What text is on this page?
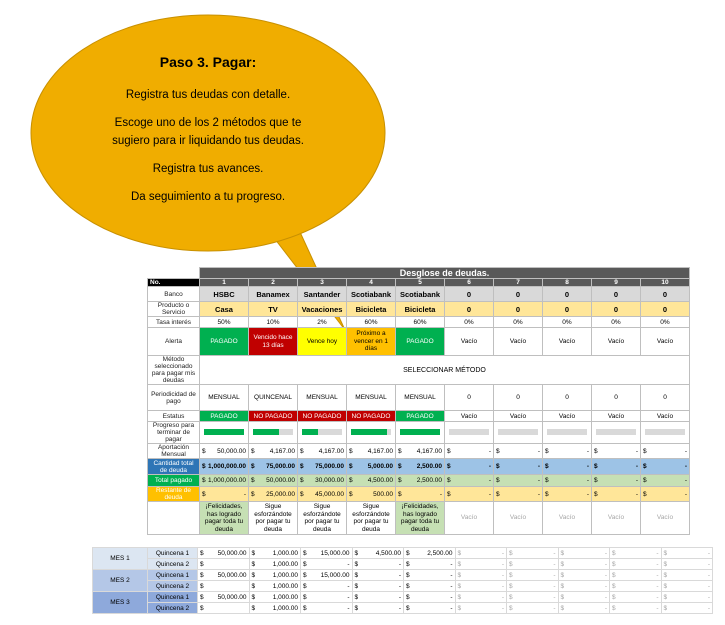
Paso 3. Pagar:
Registra tus deudas con detalle.
Escoge uno de los 2 métodos que te
sugiero para ir liquidando tus deudas.
Registra tus avances.
Da seguimiento a tu progreso.
	Desglose de deudas.									
No.	1	2	3	4	5	6	7	8	9	10
Banco	HSBC	Banamex	Santander	Scotiabank	Scotiabank	0	0	0	0	0
Producto o Servicio	Casa	TV	Vacaciones	Bicicleta	Bicicleta	0	0	0	0	0
Tasa interés	50%	10%	2%	60%	60%	0%	0%	0%	0%	0%
Alerta	PAGADO	Vencido hace 13 días	Vence hoy	Próximo a vencer en 1 días	PAGADO	Vacío	Vacío	Vacío	Vacío	Vacío
Método seleccionado para pagar mis deudas	SELECCIONAR MÉTODO									
Periodicidad de pago	MENSUAL	QUINCENAL	MENSUAL	MENSUAL	MENSUAL	0	0	0	0	0
Estatus	PAGADO	NO PAGADO	NO PAGADO	NO PAGADO	PAGADO	Vacío	Vacío	Vacío	Vacío	Vacío
Progreso para terminar de pagar	

Aportación Mensual	$ 50,000.00	$ 4,167.00	$ 4,167.00	$ 4,167.00	$ 4,167.00	$ -	$ -	$ -	$ -	$ -

Cantidad total de deuda	$ 1,000,000.00	$ 75,000.00	$ 75,000.00	$ 5,000.00	$ 2,500.00	$ -	$ -	$ -	$ -	$ -

Total pagado	$ 1,000,000.00	$ 50,000.00	$ 30,000.00	$ 4,500.00	$ 2,500.00	$ -	$ -	$ -	$ -	$ -

Restante de deuda	$ -	$ 25,000.00	$ 45,000.00	$ 500.00	$ -	$ -	$ -	$ -	$ -	$ -

	¡Felicidades, has logrado pagar toda tu deuda	Sigue esforzándote por pagar tu deuda	Sigue esforzándote por pagar tu deuda	Sigue esforzándote por pagar tu deuda	¡Felicidades, has logrado pagar toda tu deuda	Vacío	Vacío	Vacío	Vacío	Vacío
MES 1	Quincena 1	$ 50,000.00	$ 1,000.00	$ 15,000.00	$ 4,500.00	$ 2,500.00	$ -	$ -	$ -	$ -	$ -

	Quincena 2	$	$ 1,000.00	$ -	$ -	$ -	$ -	$ -	$ -	$ -	$ -

MES 2	Quincena 1	$ 50,000.00	$ 1,000.00	$ 15,000.00	$ -	$ -	$ -	$ -	$ -	$ -	$ -

	Quincena 2	$	$ 1,000.00	$ -	$ -	$ -	$ -	$ -	$ -	$ -	$ -

MES 3	Quincena 1	$ 50,000.00	$ 1,000.00	$ -	$ -	$ -	$ -	$ -	$ -	$ -	$ -

	Quincena 2	$	$ 1,000.00	$ -	$ -	$ -	$ -	$ -	$ -	$ -	$ -
